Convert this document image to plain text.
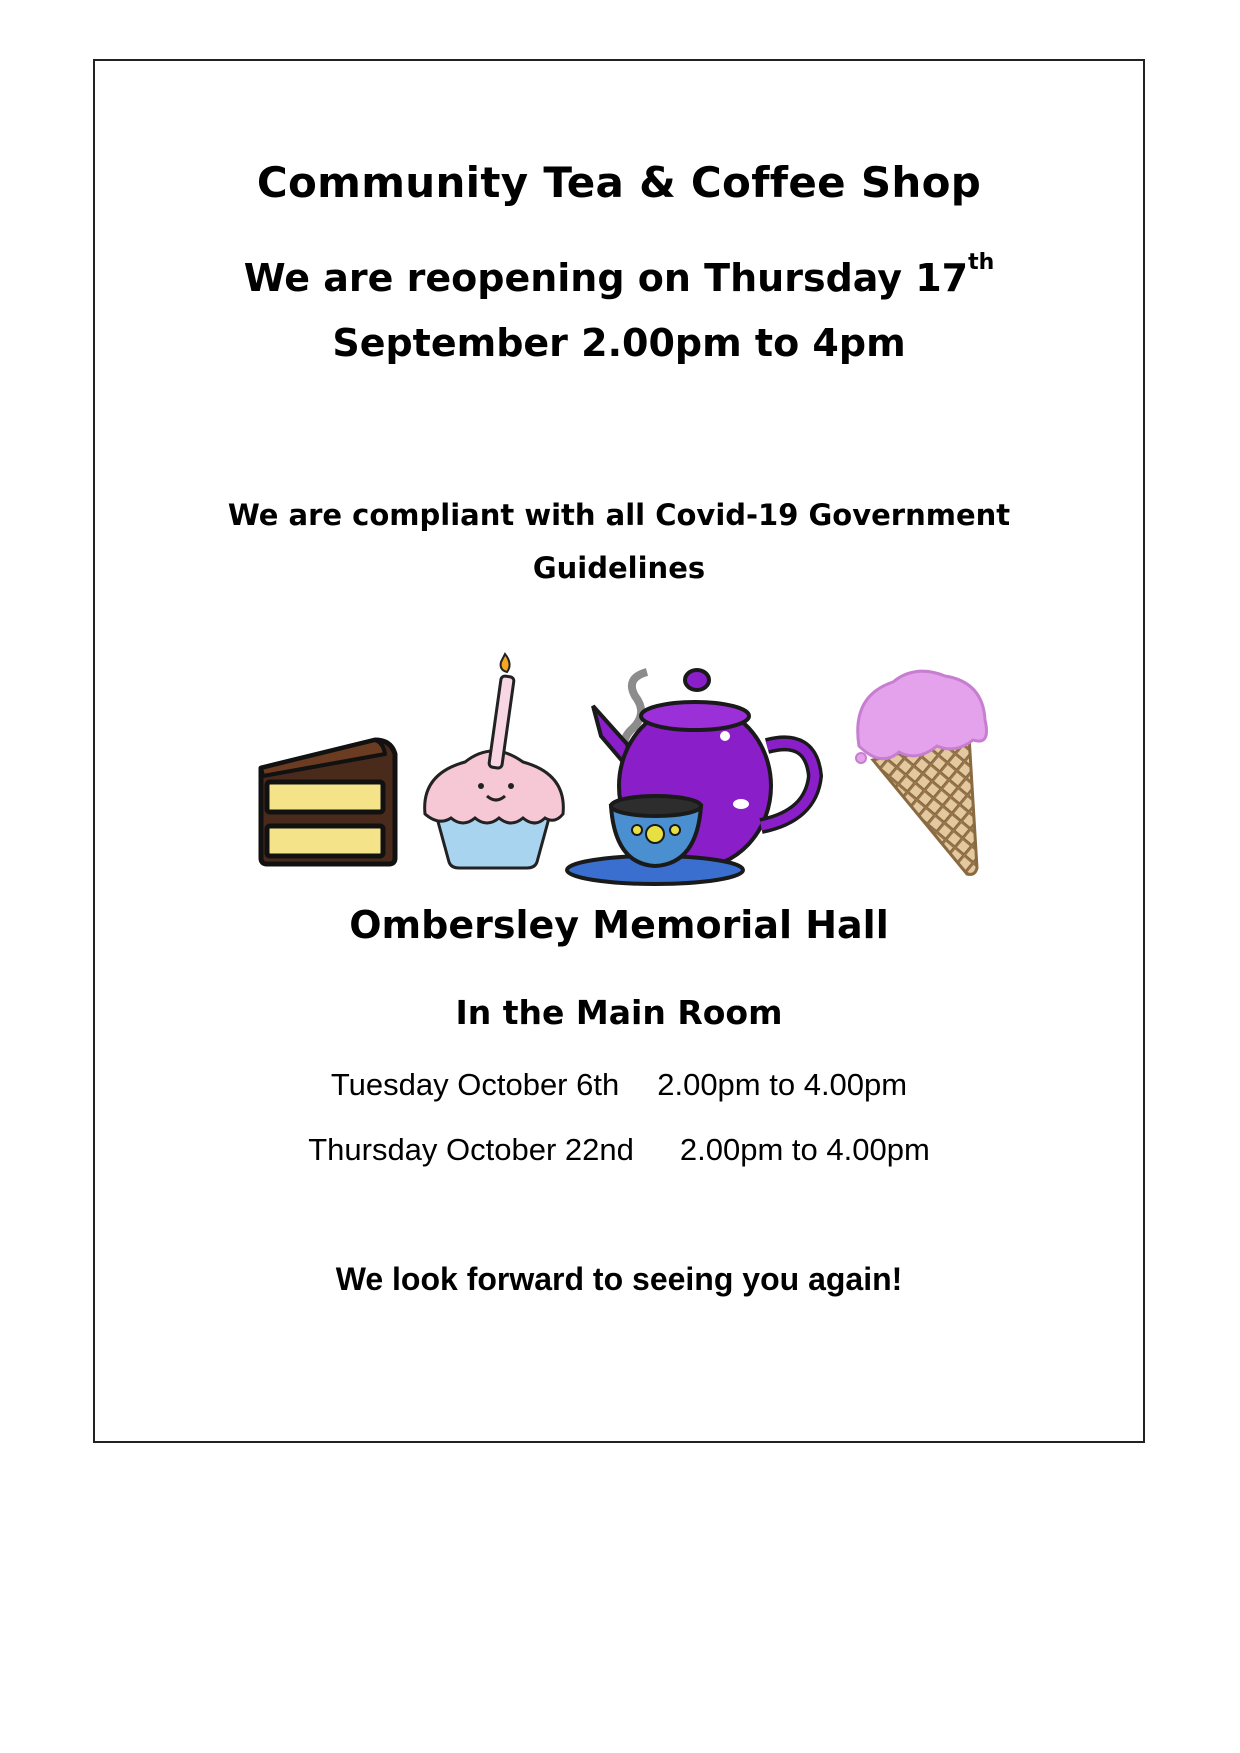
Community Tea & Coffee Shop

We are reopening on Thursday 17th
September 2.00pm to 4pm

We are compliant with all Covid-19 Government
Guidelines

Ombersley Memorial Hall
In the Main Room

Tuesday October 6th 2.00pm to 4.00pm

Thursday October 22nd 2.00pm to 4.00pm

We look forward to seeing you again!
